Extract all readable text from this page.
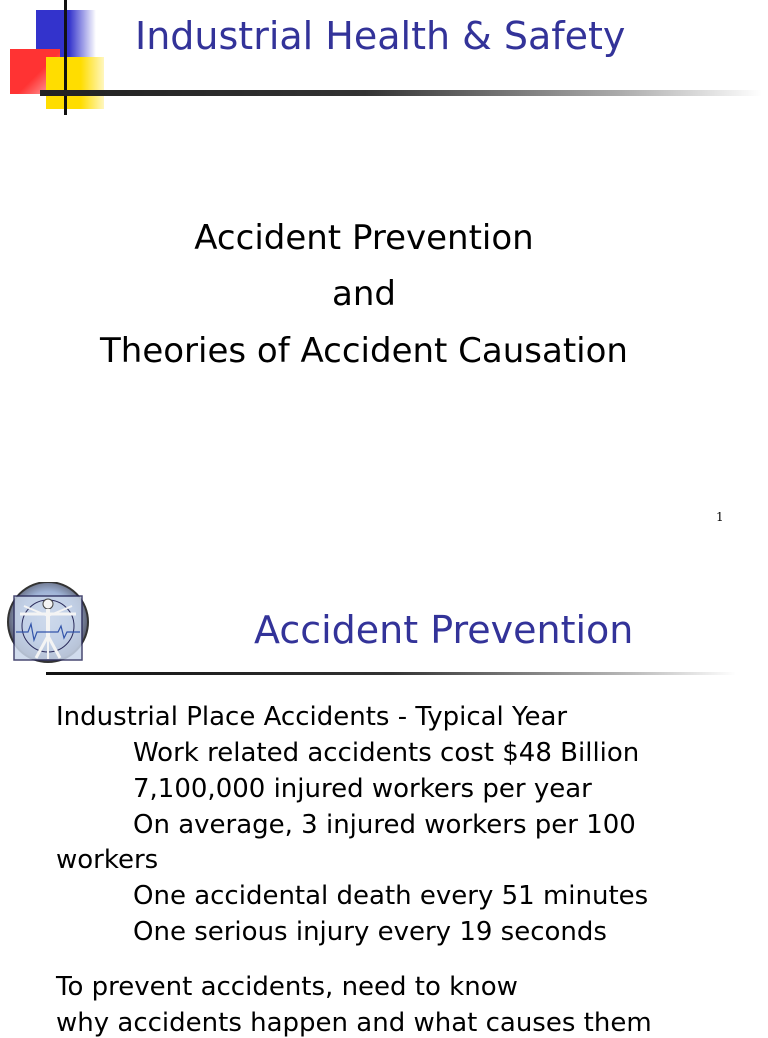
Industrial Health & Safety
Accident Prevention
and
Theories of Accident Causation
1
Accident Prevention
Industrial Place Accidents - Typical Year
Work related accidents cost $48 Billion
7,100,000 injured workers per year
On average, 3 injured workers per 100
workers
One accidental death every 51 minutes
One serious injury every 19 seconds
To prevent accidents, need to know
why accidents happen and what causes them
